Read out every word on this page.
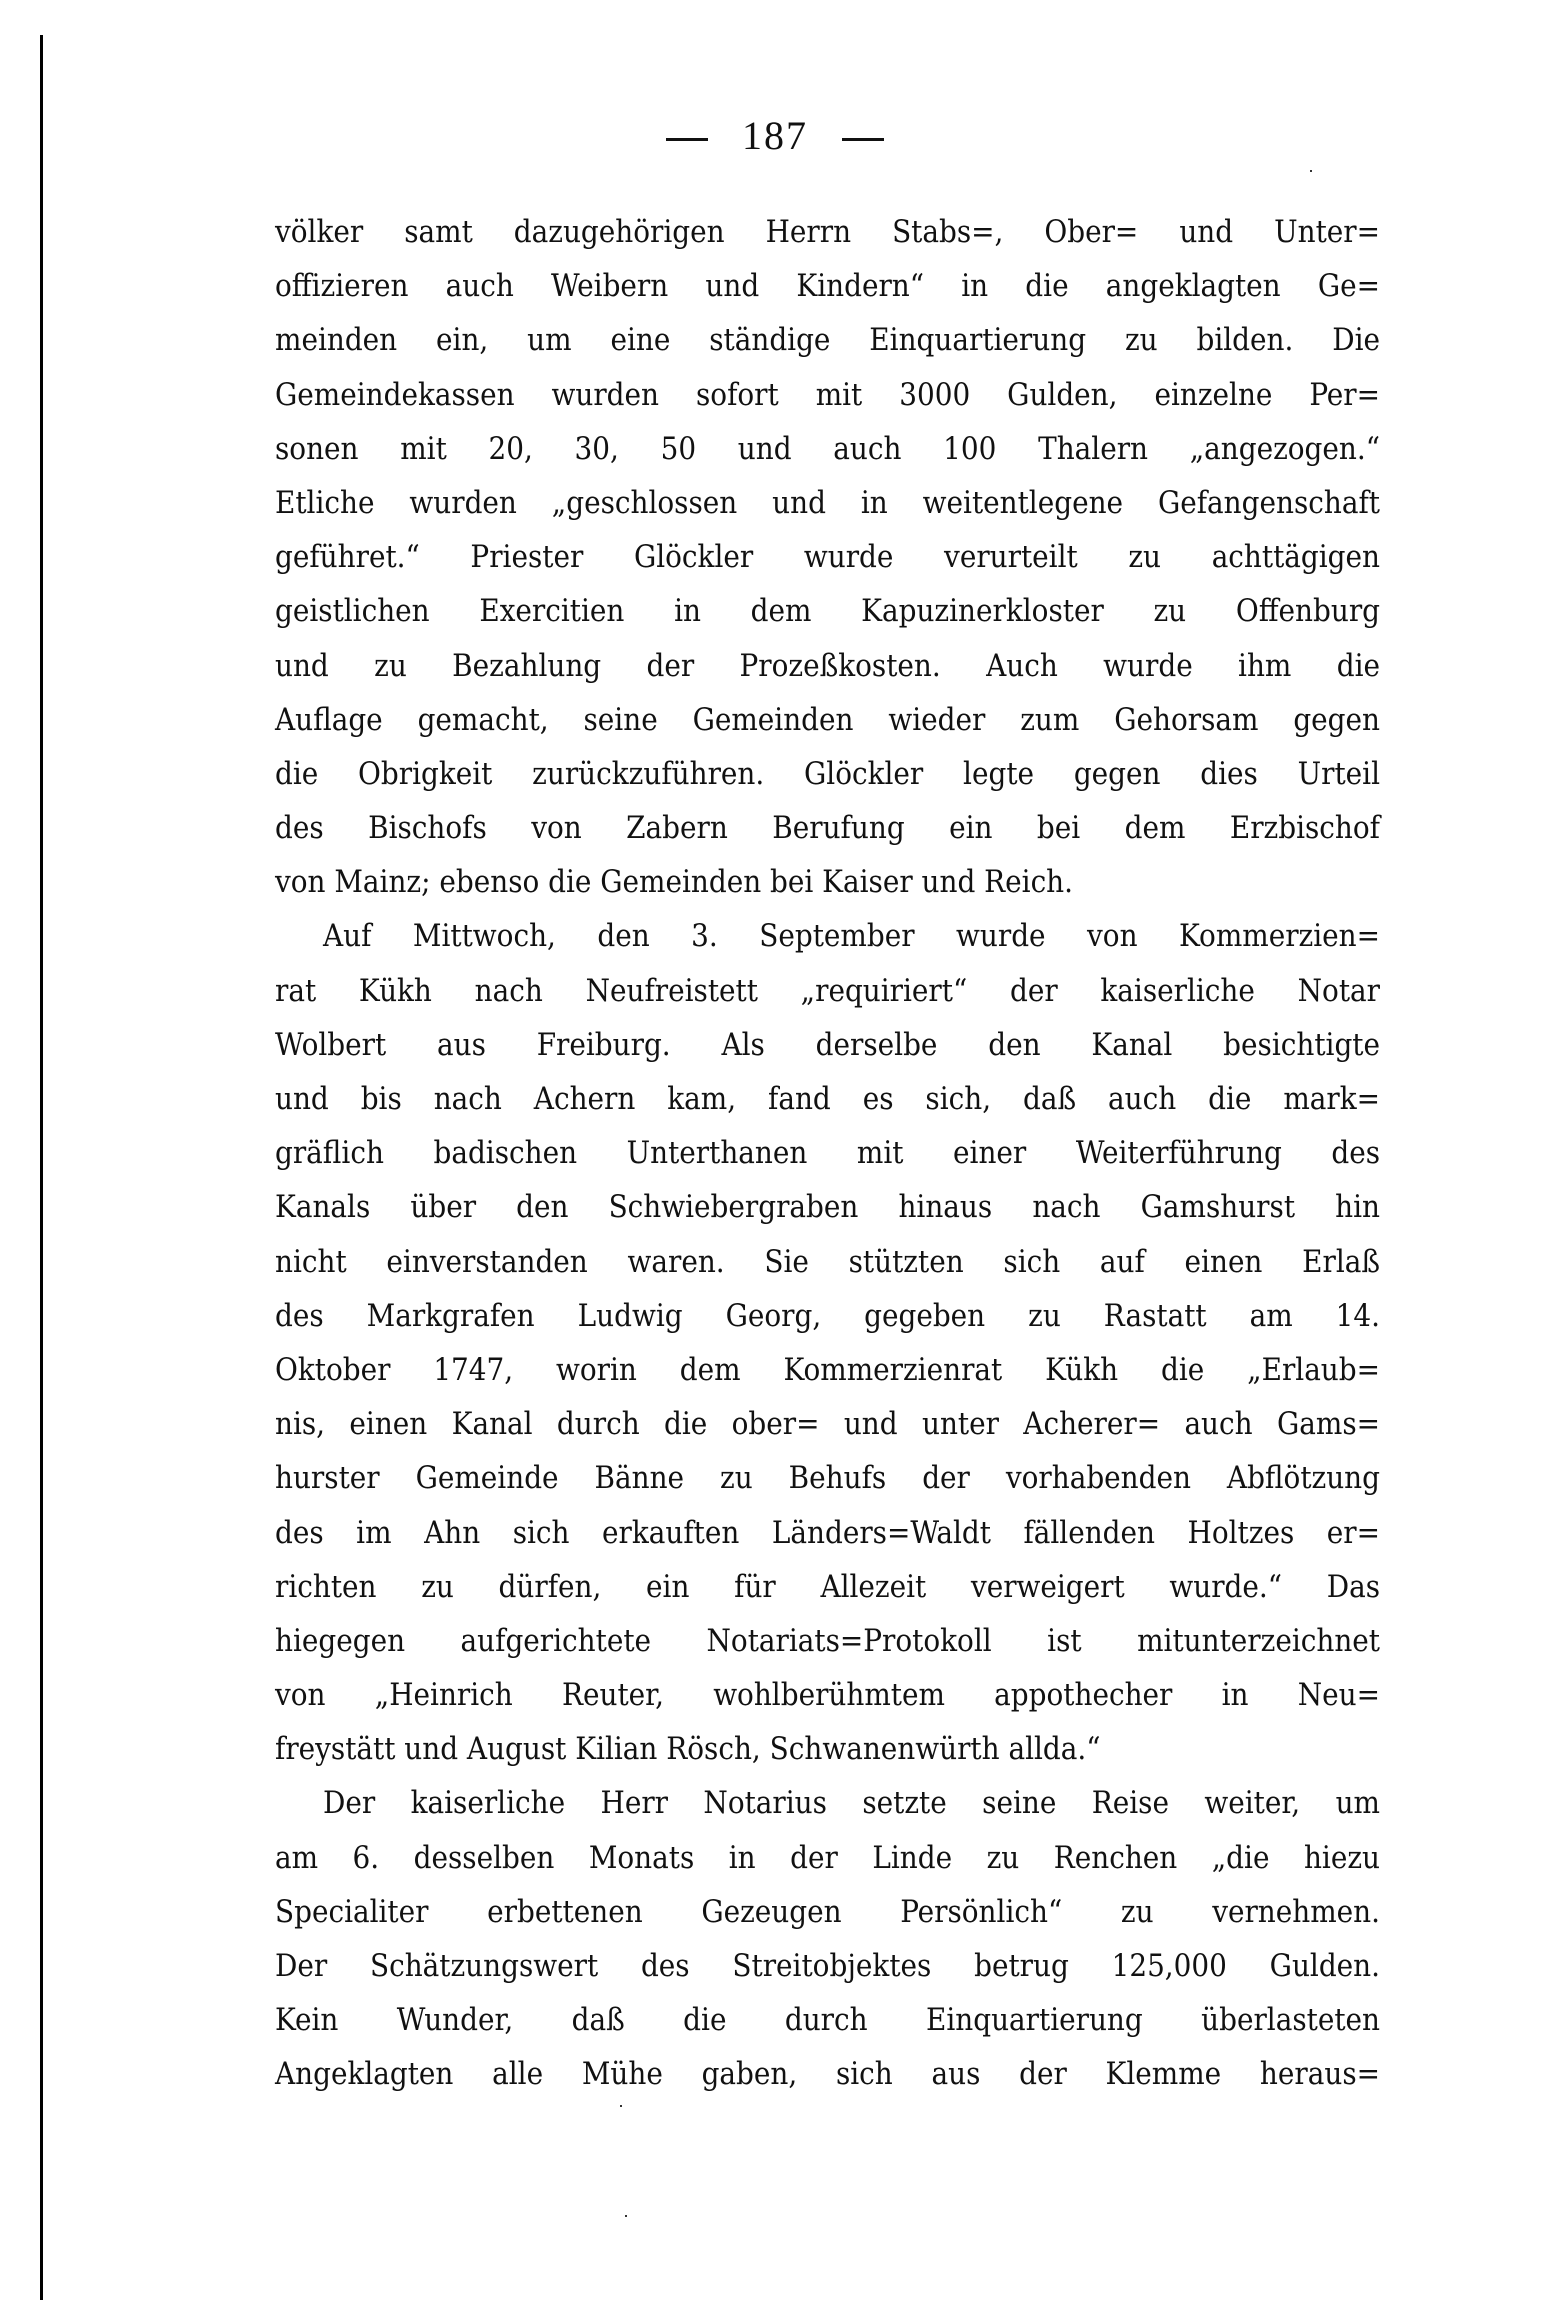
187
völker samt dazugehörigen Herrn Stabs=, Ober= und Unter=
offizieren auch Weibern und Kindern“ in die angeklagten Ge=
meinden ein, um eine ständige Einquartierung zu bilden. Die
Gemeindekassen wurden sofort mit 3000 Gulden, einzelne Per=
sonen mit 20, 30, 50 und auch 100 Thalern „angezogen.“
Etliche wurden „geschlossen und in weitentlegene Gefangenschaft
geführet.“ Priester Glöckler wurde verurteilt zu achttägigen
geistlichen Exercitien in dem Kapuzinerkloster zu Offenburg
und zu Bezahlung der Prozeßkosten. Auch wurde ihm die
Auflage gemacht, seine Gemeinden wieder zum Gehorsam gegen
die Obrigkeit zurückzuführen. Glöckler legte gegen dies Urteil
des Bischofs von Zabern Berufung ein bei dem Erzbischof
von Mainz; ebenso die Gemeinden bei Kaiser und Reich.
Auf Mittwoch, den 3. September wurde von Kommerzien=
rat Kükh nach Neufreistett „requiriert“ der kaiserliche Notar
Wolbert aus Freiburg. Als derselbe den Kanal besichtigte
und bis nach Achern kam, fand es sich, daß auch die mark=
gräflich badischen Unterthanen mit einer Weiterführung des
Kanals über den Schwiebergraben hinaus nach Gamshurst hin
nicht einverstanden waren. Sie stützten sich auf einen Erlaß
des Markgrafen Ludwig Georg, gegeben zu Rastatt am 14.
Oktober 1747, worin dem Kommerzienrat Kükh die „Erlaub=
nis, einen Kanal durch die ober= und unter Acherer= auch Gams=
hurster Gemeinde Bänne zu Behufs der vorhabenden Abflötzung
des im Ahn sich erkauften Länders=Waldt fällenden Holtzes er=
richten zu dürfen, ein für Allezeit verweigert wurde.“ Das
hiegegen aufgerichtete Notariats=Protokoll ist mitunterzeichnet
von „Heinrich Reuter, wohlberühmtem appothecher in Neu=
freystätt und August Kilian Rösch, Schwanenwürth allda.“
Der kaiserliche Herr Notarius setzte seine Reise weiter, um
am 6. desselben Monats in der Linde zu Renchen „die hiezu
Specialiter erbettenen Gezeugen Persönlich“ zu vernehmen.
Der Schätzungswert des Streitobjektes betrug 125,000 Gulden.
Kein Wunder, daß die durch Einquartierung überlasteten
Angeklagten alle Mühe gaben, sich aus der Klemme heraus=
